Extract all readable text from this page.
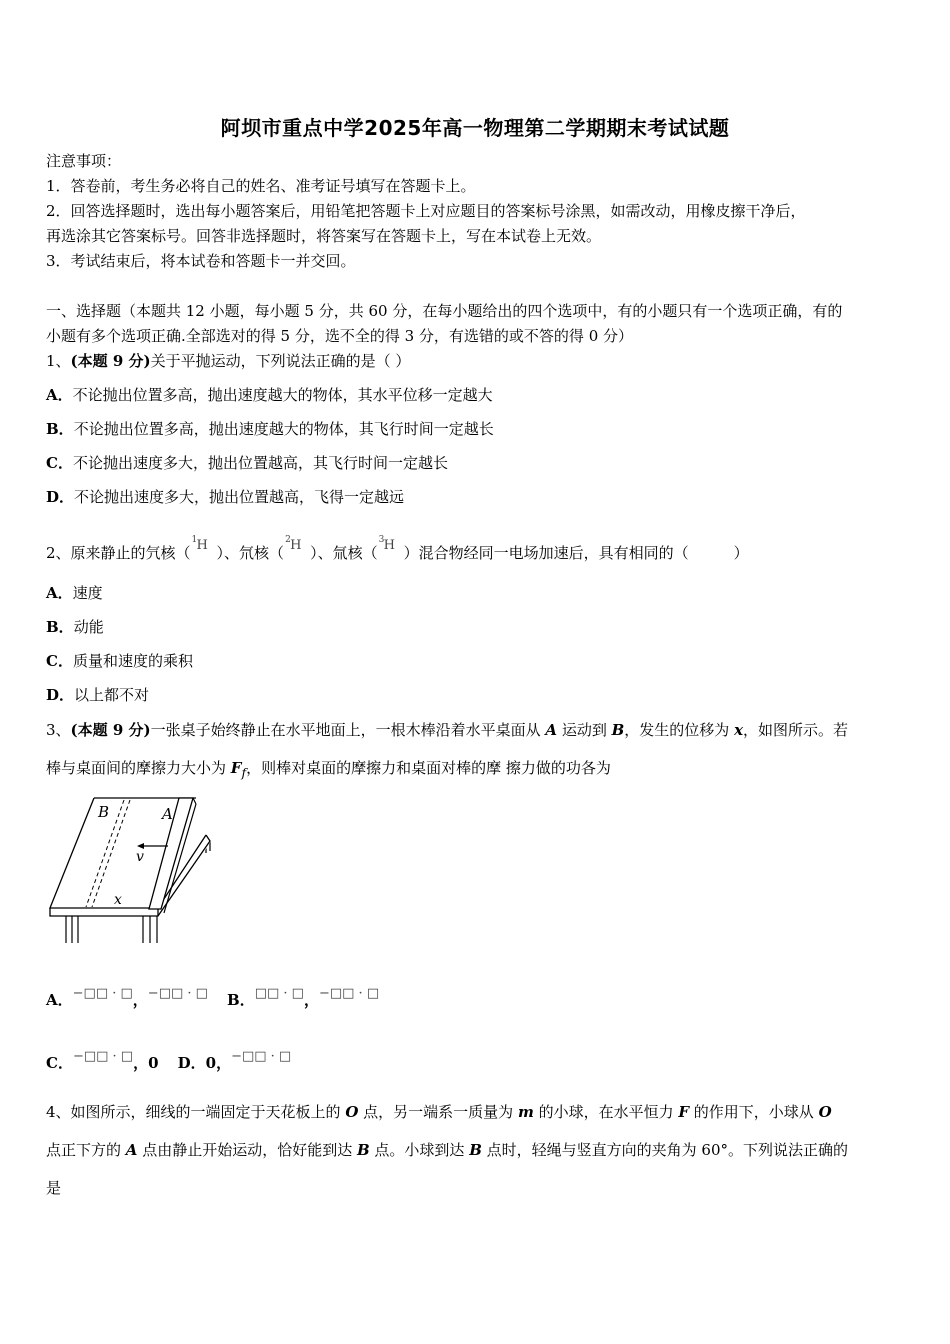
阿坝市重点中学2025年高一物理第二学期期末考试试题
注意事项：
1．答卷前，考生务必将自己的姓名、准考证号填写在答题卡上。
2．回答选择题时，选出每小题答案后，用铅笔把答题卡上对应题目的答案标号涂黑，如需改动，用橡皮擦干净后，
再选涂其它答案标号。回答非选择题时，将答案写在答题卡上，写在本试卷上无效。
3．考试结束后，将本试卷和答题卡一并交回。
一、选择题（本题共 12 小题，每小题 5 分，共 60 分，在每小题给出的四个选项中，有的小题只有一个选项正确，有的
小题有多个选项正确.全部选对的得 5 分，选不全的得 3 分，有选错的或不答的得 0 分）
1、(本题 9 分)关于平抛运动，下列说法正确的是（ ）
A．不论抛出位置多高，抛出速度越大的物体，其水平位移一定越大
B．不论抛出位置多高，抛出速度越大的物体，其飞行时间一定越长
C．不论抛出速度多大，抛出位置越高，其飞行时间一定越长
D．不论抛出速度多大，抛出位置越高，飞得一定越远
2、原来静止的氕核（
1 H ）、氘核（
2 H ）、氚核（
3 H ）混合物经同一电场加速后，具有相同的（　　　）
A．速度
B．动能
C．质量和速度的乘积
D．以上都不对
3、(本题 9 分)一张桌子始终静止在水平地面上，一根木棒沿着水平桌面从 A 运动到 B，发生的位移为 x，如图所示。若
棒与桌面间的摩擦力大小为 $F_f$，则棒对桌面的摩擦力和桌面对棒的摩 擦力做的功各为
B	A
v
x
A．−□□ · □，−□□ · □ B．□□ · □，−□□ · □
C．−□□ · □，0 D．0，−□□ · □
4、如图所示，细线的一端固定于天花板上的 O 点，另一端系一质量为 m 的小球，在水平恒力 F 的作用下，小球从 O
点正下方的 A 点由静止开始运动，恰好能到达 B 点。小球到达 B 点时，轻绳与竖直方向的夹角为 60°。下列说法正确的
是
